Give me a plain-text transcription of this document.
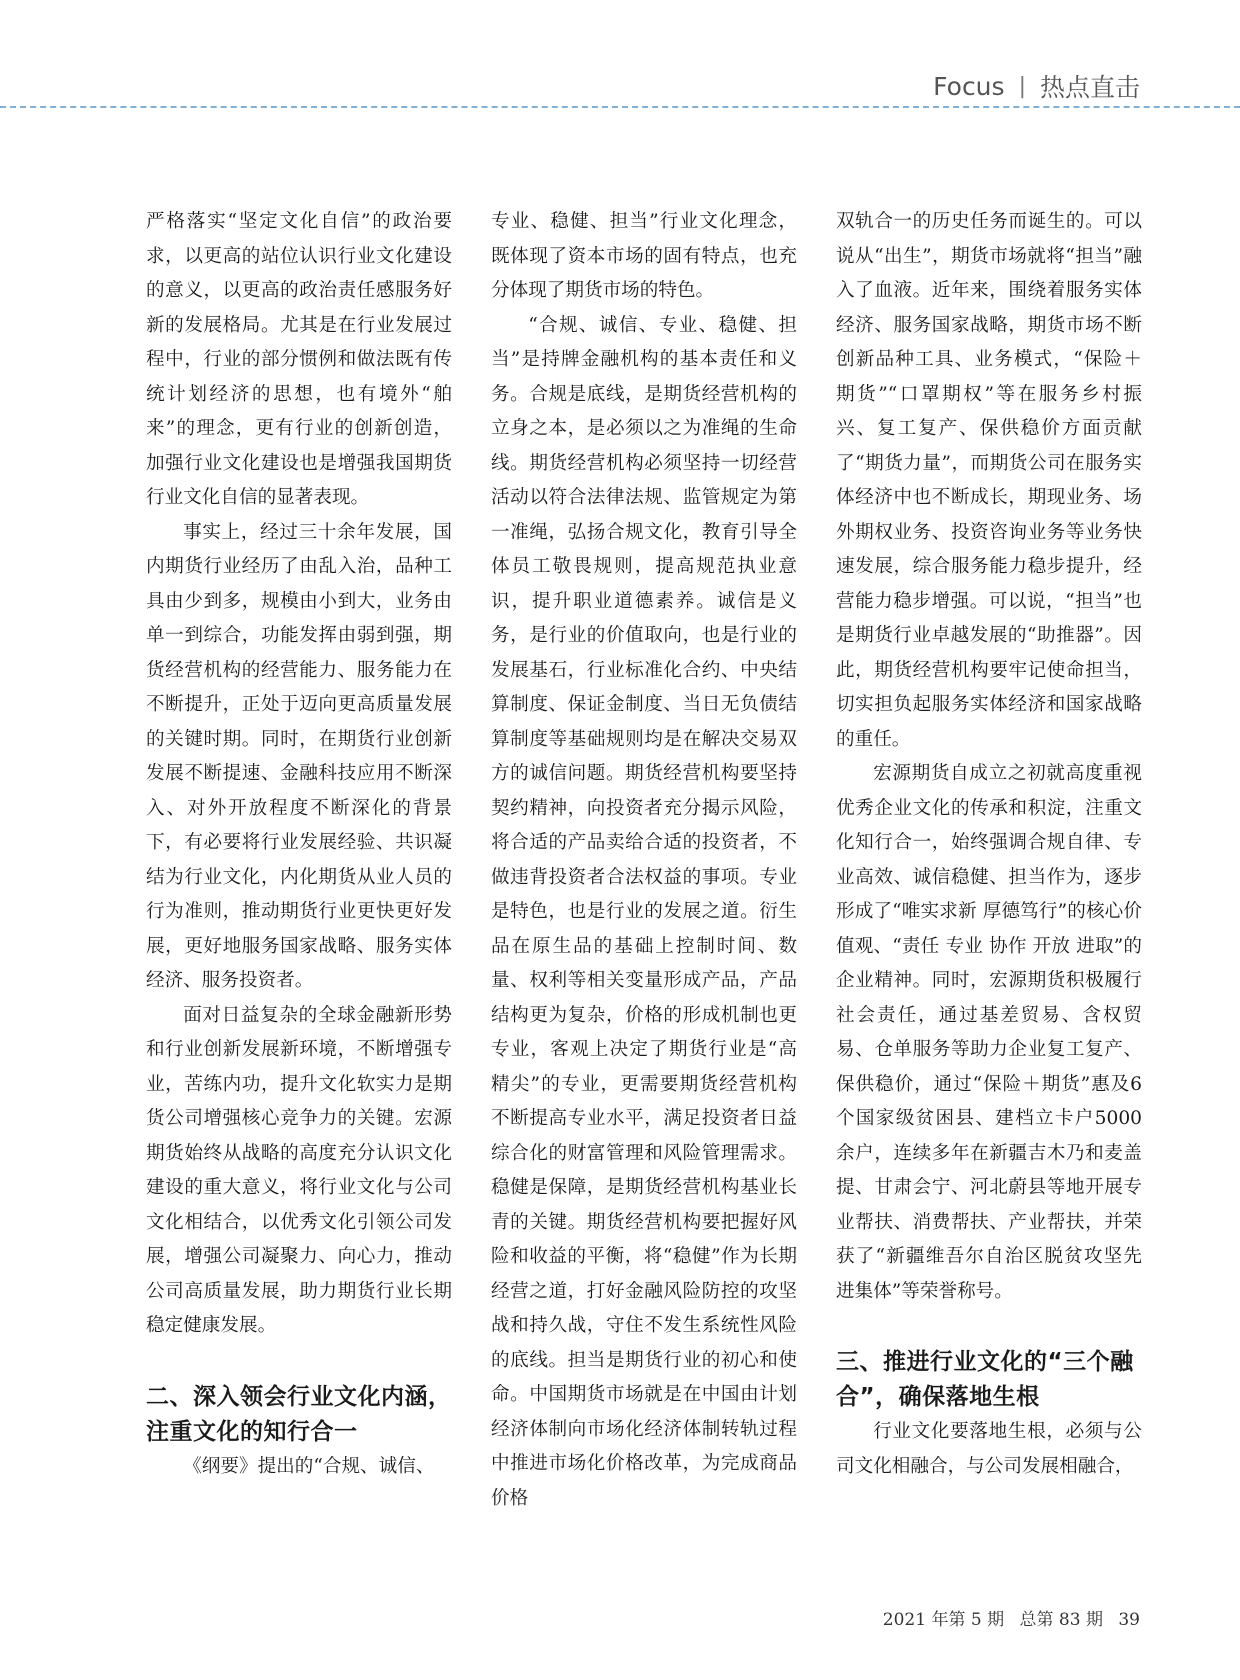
Focus | 热点直击

严格落实“坚定文化自信”的政治要求，以更高的站位认识行业文化建设的意义，以更高的政治责任感服务好新的发展格局。尤其是在行业发展过程中，行业的部分惯例和做法既有传统计划经济的思想，也有境外“舶来”的理念，更有行业的创新创造，加强行业文化建设也是增强我国期货行业文化自信的显著表现。

事实上，经过三十余年发展，国内期货行业经历了由乱入治，品种工具由少到多，规模由小到大，业务由单一到综合，功能发挥由弱到强，期货经营机构的经营能力、服务能力在不断提升，正处于迈向更高质量发展的关键时期。同时，在期货行业创新发展不断提速、金融科技应用不断深入、对外开放程度不断深化的背景下，有必要将行业发展经验、共识凝结为行业文化，内化期货从业人员的行为准则，推动期货行业更快更好发展，更好地服务国家战略、服务实体经济、服务投资者。

面对日益复杂的全球金融新形势和行业创新发展新环境，不断增强专业，苦练内功，提升文化软实力是期货公司增强核心竞争力的关键。宏源期货始终从战略的高度充分认识文化建设的重大意义，将行业文化与公司文化相结合，以优秀文化引领公司发展，增强公司凝聚力、向心力，推动公司高质量发展，助力期货行业长期稳定健康发展。

二、深入领会行业文化内涵，注重文化的知行合一

《纲要》提出的“合规、诚信、

专业、稳健、担当”行业文化理念，既体现了资本市场的固有特点，也充分体现了期货市场的特色。

“合规、诚信、专业、稳健、担当”是持牌金融机构的基本责任和义务。合规是底线，是期货经营机构的立身之本，是必须以之为准绳的生命线。期货经营机构必须坚持一切经营活动以符合法律法规、监管规定为第一准绳，弘扬合规文化，教育引导全体员工敬畏规则，提高规范执业意识，提升职业道德素养。诚信是义务，是行业的价值取向，也是行业的发展基石，行业标准化合约、中央结算制度、保证金制度、当日无负债结算制度等基础规则均是在解决交易双方的诚信问题。期货经营机构要坚持契约精神，向投资者充分揭示风险，将合适的产品卖给合适的投资者，不做违背投资者合法权益的事项。专业是特色，也是行业的发展之道。衍生品在原生品的基础上控制时间、数量、权利等相关变量形成产品，产品结构更为复杂，价格的形成机制也更专业，客观上决定了期货行业是“高精尖”的专业，更需要期货经营机构不断提高专业水平，满足投资者日益综合化的财富管理和风险管理需求。稳健是保障，是期货经营机构基业长青的关键。期货经营机构要把握好风险和收益的平衡，将“稳健”作为长期经营之道，打好金融风险防控的攻坚战和持久战，守住不发生系统性风险的底线。担当是期货行业的初心和使命。中国期货市场就是在中国由计划经济体制向市场化经济体制转轨过程中推进市场化价格改革，为完成商品价格

双轨合一的历史任务而诞生的。可以说从“出生”，期货市场就将“担当”融入了血液。近年来，围绕着服务实体经济、服务国家战略，期货市场不断创新品种工具、业务模式，“保险＋期货”“口罩期权”等在服务乡村振兴、复工复产、保供稳价方面贡献了“期货力量”，而期货公司在服务实体经济中也不断成长，期现业务、场外期权业务、投资咨询业务等业务快速发展，综合服务能力稳步提升，经营能力稳步增强。可以说，“担当”也是期货行业卓越发展的“助推器”。因此，期货经营机构要牢记使命担当，切实担负起服务实体经济和国家战略的重任。

宏源期货自成立之初就高度重视优秀企业文化的传承和积淀，注重文化知行合一，始终强调合规自律、专业高效、诚信稳健、担当作为，逐步形成了“唯实求新 厚德笃行”的核心价值观、“责任 专业 协作 开放 进取”的企业精神。同时，宏源期货积极履行社会责任，通过基差贸易、含权贸易、仓单服务等助力企业复工复产、保供稳价，通过“保险＋期货”惠及6个国家级贫困县、建档立卡户5000余户，连续多年在新疆吉木乃和麦盖提、甘肃会宁、河北蔚县等地开展专业帮扶、消费帮扶、产业帮扶，并荣获了“新疆维吾尔自治区脱贫攻坚先进集体”等荣誉称号。

三、推进行业文化的“三个融合”，确保落地生根

行业文化要落地生根，必须与公司文化相融合，与公司发展相融合，

2021 年第 5 期 总第 83 期 39
